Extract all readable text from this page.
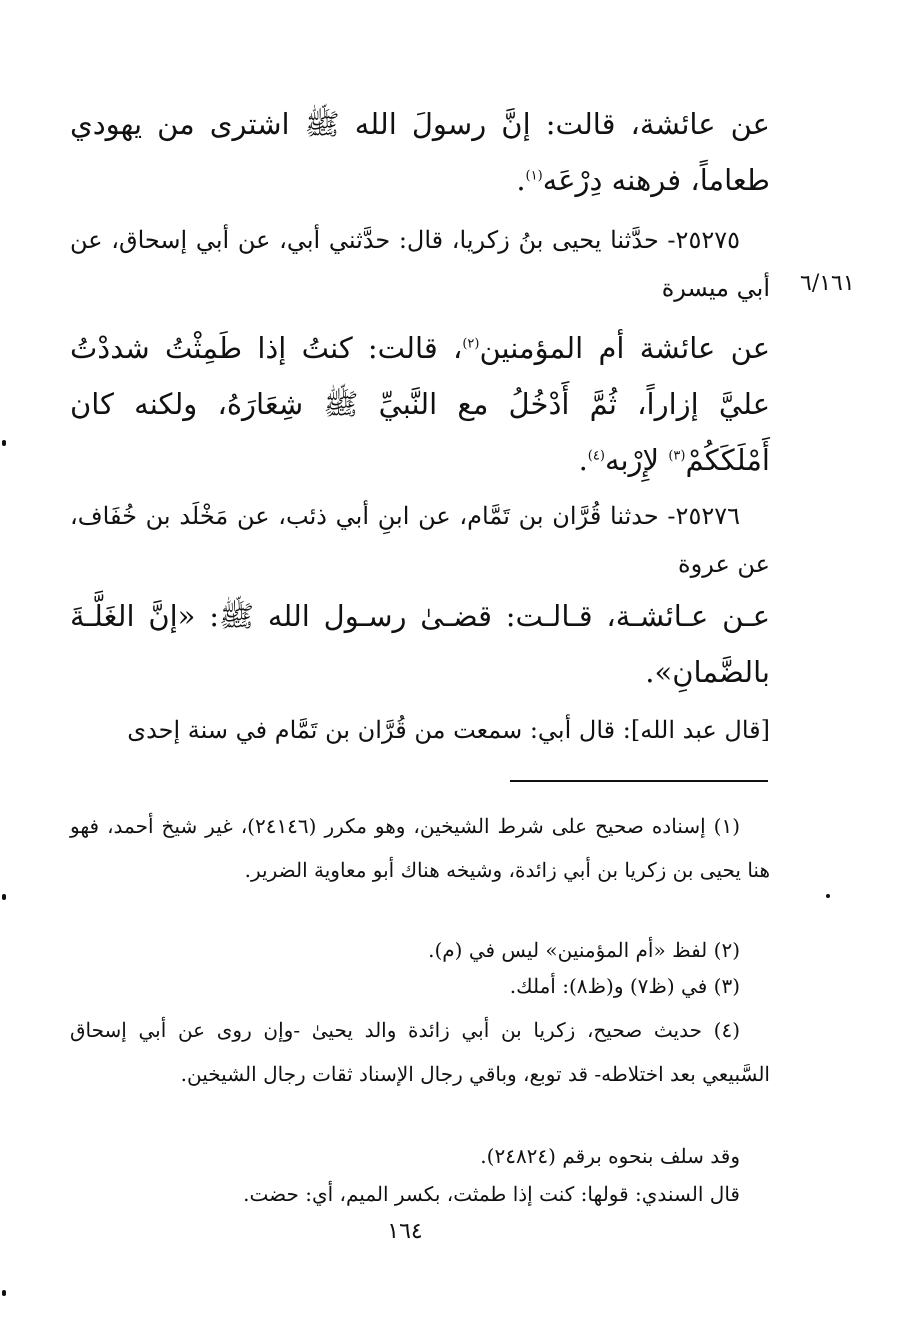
٦/١٦١
عن عائشة، قالت: إنَّ رسولَ الله ﷺ اشترى من يهودي طعاماً، فرهنه دِرْعَه$^{(١)}$.
٢٥٢٧٥- حدَّثنا يحيى بنُ زكريا، قال: حدَّثني أبي، عن أبي إسحاق، عن أبي ميسرة
عن عائشة أم المؤمنين$^{(٢)}$، قالت: كنتُ إذا طَمِثْتُ شددْتُ عليَّ إزاراً، ثُمَّ أَدْخُلُ مع النَّبيِّ ﷺ شِعَارَهُ، ولكنه كان أَمْلَكَكُمْ$^{(٣)}$ لإِرْبه$^{(٤)}$.
٢٥٢٧٦- حدثنا قُرَّان بن تَمَّام، عن ابنِ أبي ذئب، عن مَخْلَد بن خُفَاف، عن عروة
عـن عـائشـة، قـالـت: قضـىٰ رسـول الله ﷺ: «إنَّ الغَلَّـةَ بالضَّمانِ».
[قال عبد الله]: قال أبي: سمعت من قُرَّان بن تَمَّام في سنة إحدى
(١) إسناده صحيح على شرط الشيخين، وهو مكرر (٢٤١٤٦)، غير شيخ أحمد، فهو هنا يحيى بن زكريا بن أبي زائدة، وشيخه هناك أبو معاوية الضرير.
(٢) لفظ «أم المؤمنين» ليس في (م).
(٣) في (ظ٧) و(ظ٨): أملك.
(٤) حديث صحيح، زكريا بن أبي زائدة والد يحيىٰ -وإن روى عن أبي إسحاق السَّبيعي بعد اختلاطه- قد توبع، وباقي رجال الإسناد ثقات رجال الشيخين.
وقد سلف بنحوه برقم (٢٤٨٢٤).
قال السندي: قولها: كنت إذا طمثت، بكسر الميم، أي: حضت.
١٦٤
